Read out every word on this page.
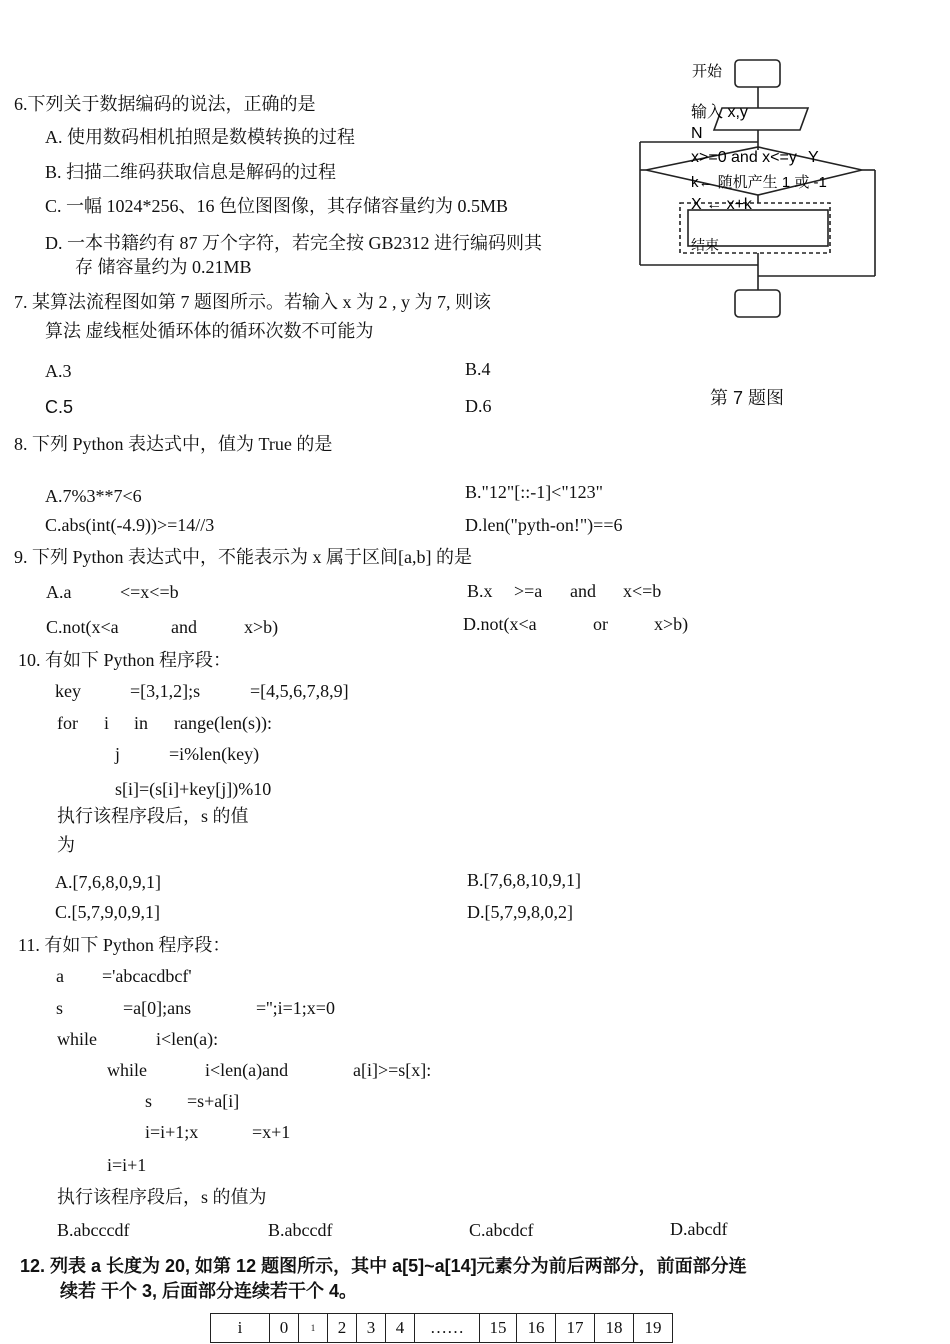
6.下列关于数据编码的说法，正确的是
A. 使用数码相机拍照是数模转换的过程
B. 扫描二维码获取信息是解码的过程
C. 一幅 1024*256、16 色位图图像，其存储容量约为 0.5MB
D. 一本书籍约有 87 万个字符，若完全按 GB2312 进行编码则其
存 储容量约为 0.21MB
开始
输入 x,y
N
x>=0 and x<=y Y
k← 随机产生 1 或 -1
X ← x+k
结束
第 7 题图
7. 某算法流程图如第 7 题图所示。若输入 x 为 2 , y 为 7, 则该
算法 虚线框处循环体的循环次数不可能为
A.3	B.4
C.5	D.6
8. 下列 Python 表达式中，值为 True 的是
A.7%3**7<6	B."12"[::-1]<"123"
C.abs(int(-4.9))>=14//3	D.len("pyth-on!")==6
9. 下列 Python 表达式中，不能表示为 x 属于区间[a,b] 的是
A.a	<=x<=b	B.x >=a and x<=b
C.not(x<a	and	x>b)	D.not(x<a	or	x>b)
10. 有如下 Python 程序段：
key	=[3,1,2];s	=[4,5,6,7,8,9]
for i in range(len(s)):
j	=i%len(key)
s[i]=(s[i]+key[j])%10
执行该程序段后，s 的值
为
A.[7,6,8,0,9,1]	B.[7,6,8,10,9,1]
C.[5,7,9,0,9,1]	D.[5,7,9,8,0,2]
11. 有如下 Python 程序段：
a ='abcacdbcf'
s	=a[0];ans	='';i=1;x=0
while	i<len(a):
while	i<len(a)and	a[i]>=s[x]:
s =s+a[i]
i=i+1;x	=x+1
i=i+1
执行该程序段后，s 的值为
B.abcccdf	B.abccdf	C.abcdcf	D.abcdf
12. 列表 a 长度为 20, 如第 12 题图所示，其中 a[5]~a[14]元素分为前后两部分，前面部分连
续若 干个 3, 后面部分连续若干个 4。
i	0	1	2	3	4	……	15	16	17	18	19
